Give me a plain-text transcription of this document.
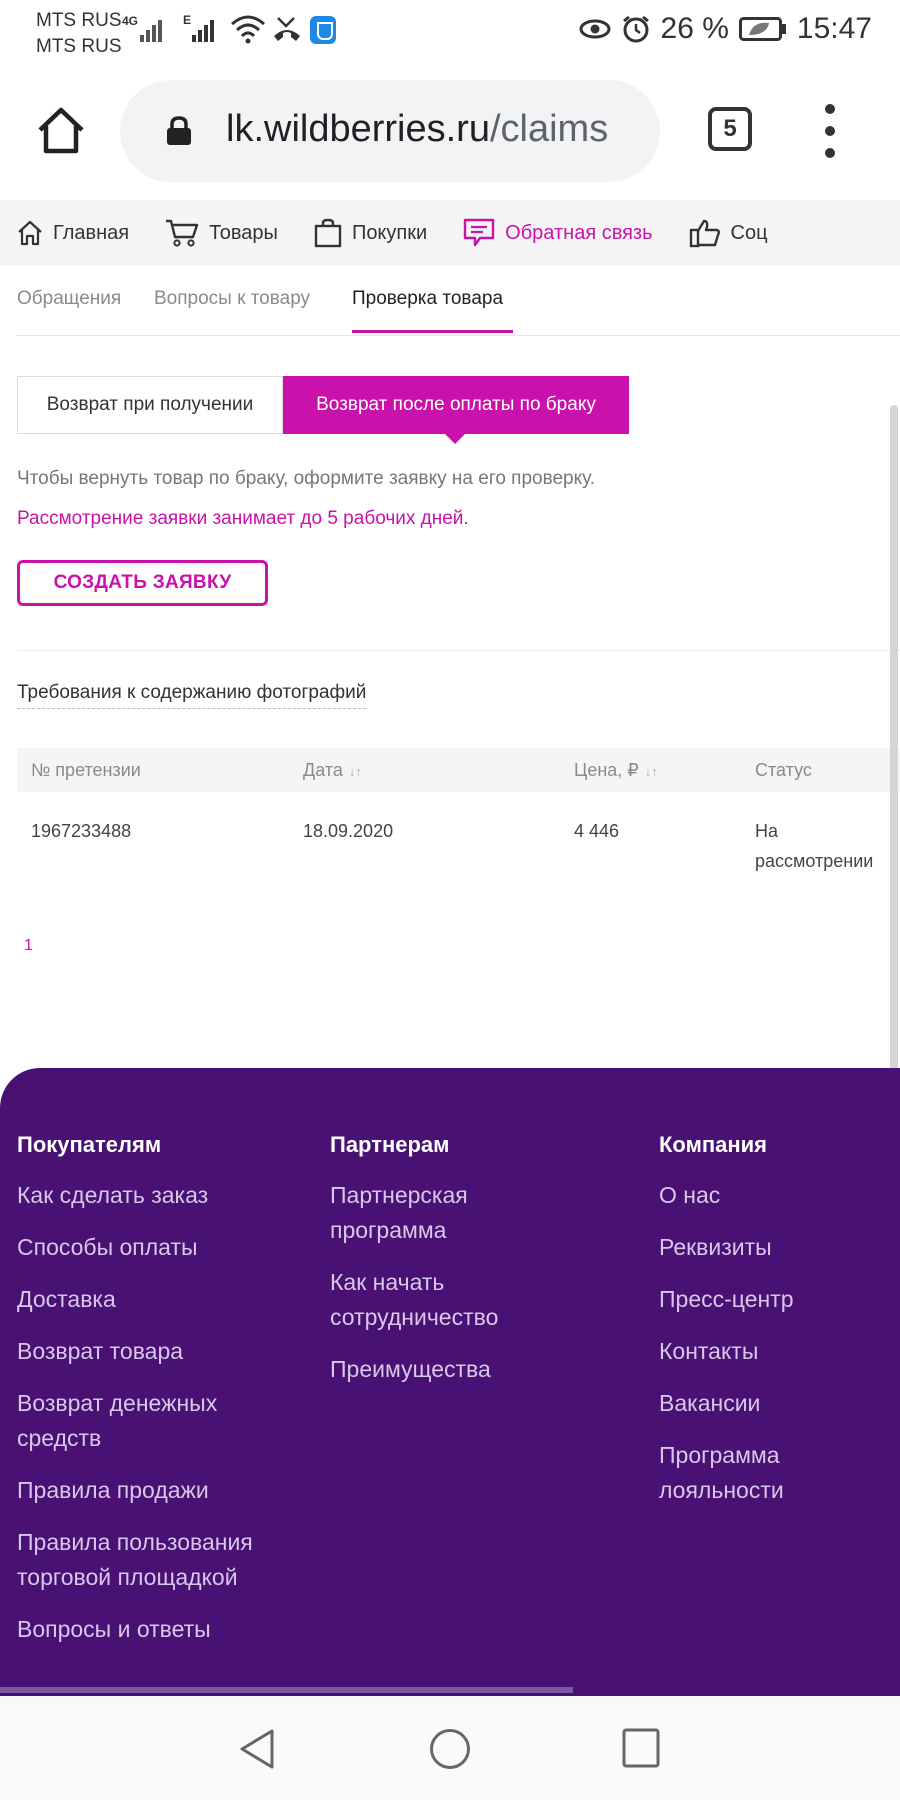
MTS RUS
MTS RUS
4G	E	26 % 15:47
lk.wildberries.ru/claims	5
Главная	Товары	Покупки	Обратная связь	Соц
Обращения Вопросы к товару Проверка товара
Возврат при получении	Возврат после оплаты по браку
Чтобы вернуть товар по браку, оформите заявку на его проверку.
Рассмотрение заявки занимает до 5 рабочих дней.
СОЗДАТЬ ЗАЯВКУ
Требования к содержанию фотографий
№ претензии	Дата ↓↑	Цена, ₽ ↓↑	Статус
1967233488	18.09.2020	4 446	На рассмотрении
1
Покупателям
Как сделать заказ
Способы оплаты
Доставка
Возврат товара
Возврат денежных
средств
Правила продажи
Правила пользования
торговой площадкой
Вопросы и ответы
Партнерам
Партнерская
программа
Как начать
сотрудничество
Преимущества
Компания
О нас
Реквизиты
Пресс-центр
Контакты
Вакансии
Программа
лояльности
